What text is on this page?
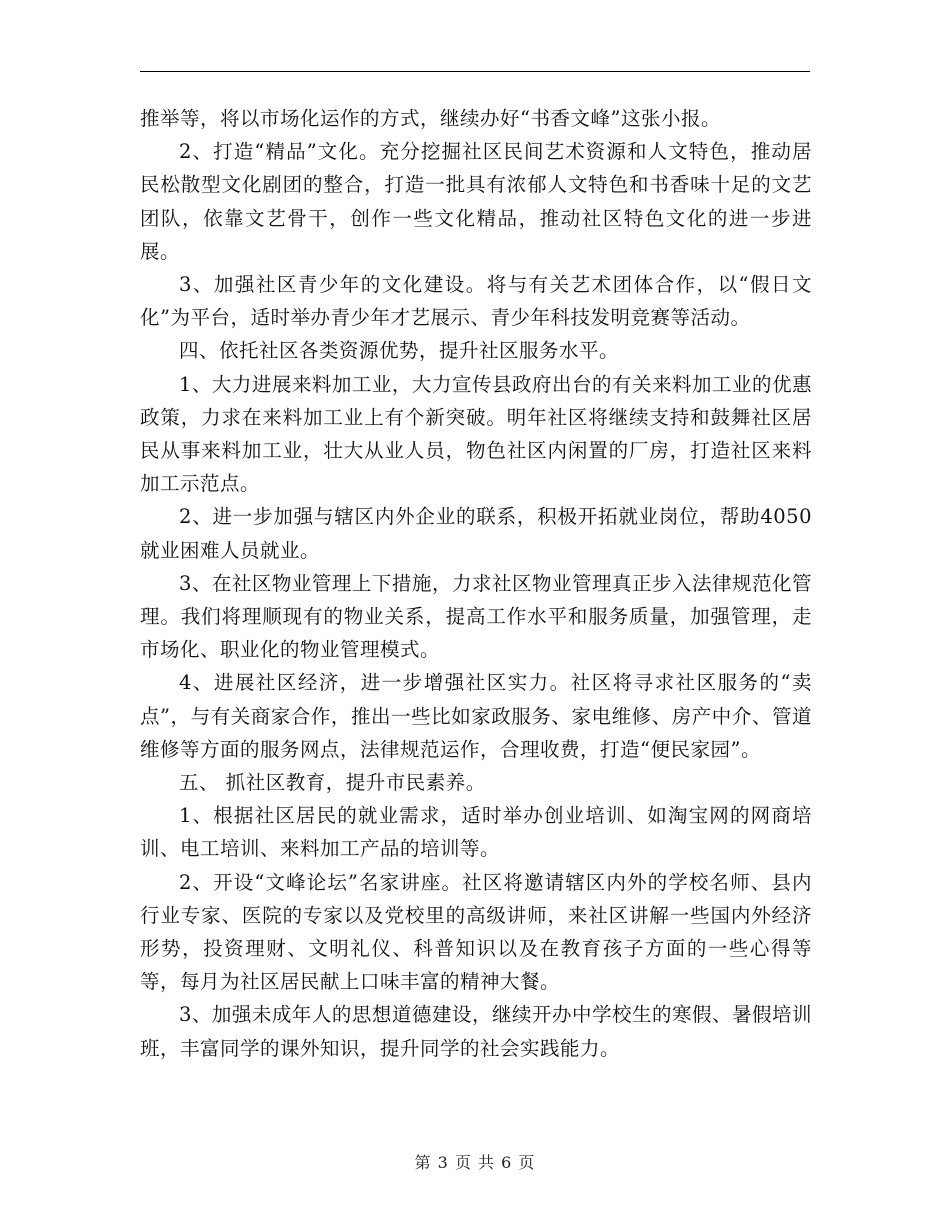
推举等，将以市场化运作的方式，继续办好“书香文峰”这张小报。

2、打造“精品”文化。充分挖掘社区民间艺术资源和人文特色，推动居民松散型文化剧团的整合，打造一批具有浓郁人文特色和书香味十足的文艺团队，依靠文艺骨干，创作一些文化精品，推动社区特色文化的进一步进展。

3、加强社区青少年的文化建设。将与有关艺术团体合作，以“假日文化”为平台，适时举办青少年才艺展示、青少年科技发明竞赛等活动。

四、依托社区各类资源优势，提升社区服务水平。

1、大力进展来料加工业，大力宣传县政府出台的有关来料加工业的优惠政策，力求在来料加工业上有个新突破。明年社区将继续支持和鼓舞社区居民从事来料加工业，壮大从业人员，物色社区内闲置的厂房，打造社区来料加工示范点。

2、进一步加强与辖区内外企业的联系，积极开拓就业岗位，帮助4050就业困难人员就业。

3、在社区物业管理上下措施，力求社区物业管理真正步入法律规范化管理。我们将理顺现有的物业关系，提高工作水平和服务质量，加强管理，走市场化、职业化的物业管理模式。

4、进展社区经济，进一步增强社区实力。社区将寻求社区服务的“卖点”，与有关商家合作，推出一些比如家政服务、家电维修、房产中介、管道维修等方面的服务网点，法律规范运作，合理收费，打造“便民家园”。

五、 抓社区教育，提升市民素养。

1、根据社区居民的就业需求，适时举办创业培训、如淘宝网的网商培训、电工培训、来料加工产品的培训等。

2、开设“文峰论坛”名家讲座。社区将邀请辖区内外的学校名师、县内行业专家、医院的专家以及党校里的高级讲师，来社区讲解一些国内外经济形势，投资理财、文明礼仪、科普知识以及在教育孩子方面的一些心得等等，每月为社区居民献上口味丰富的精神大餐。

3、加强未成年人的思想道德建设，继续开办中学校生的寒假、暑假培训班，丰富同学的课外知识，提升同学的社会实践能力。

第 3 页 共 6 页
